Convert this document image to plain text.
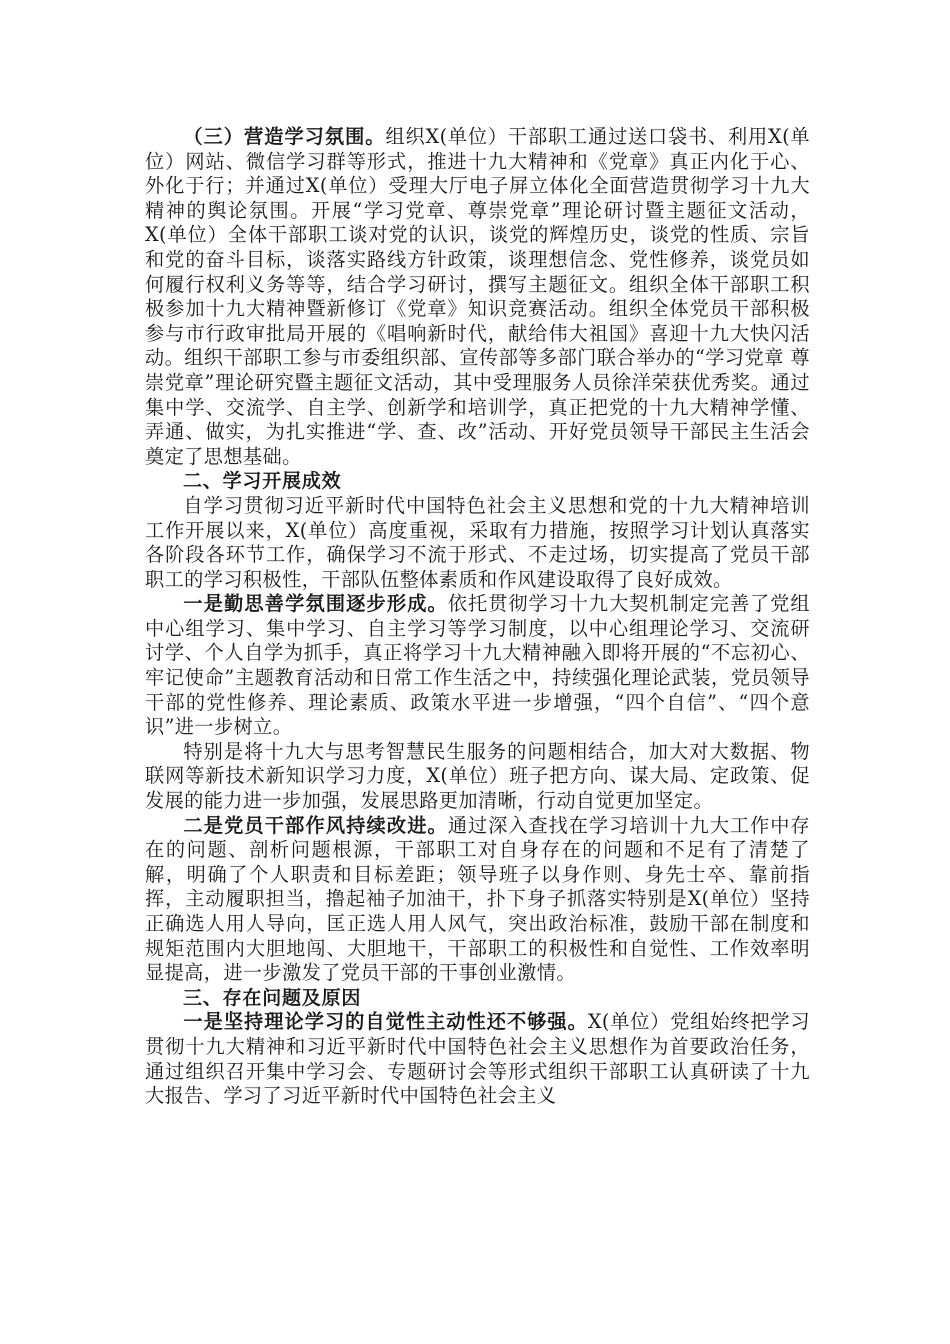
（三）营造学习氛围。组织X(单位）干部职工通过送口袋书、利用X(单位）网站、微信学习群等形式，推进十九大精神和《党章》真正内化于心、外化于行；并通过X(单位）受理大厅电子屏立体化全面营造贯彻学习十九大精神的舆论氛围。开展“学习党章、尊崇党章”理论研讨暨主题征文活动，X(单位）全体干部职工谈对党的认识，谈党的辉煌历史，谈党的性质、宗旨和党的奋斗目标，谈落实路线方针政策，谈理想信念、党性修养，谈党员如何履行权利义务等等，结合学习研讨，撰写主题征文。组织全体干部职工积极参加十九大精神暨新修订《党章》知识竞赛活动。组织全体党员干部积极参与市行政审批局开展的《唱响新时代，献给伟大祖国》喜迎十九大快闪活动。组织干部职工参与市委组织部、宣传部等多部门联合举办的“学习党章 尊崇党章”理论研究暨主题征文活动，其中受理服务人员徐洋荣获优秀奖。通过集中学、交流学、自主学、创新学和培训学，真正把党的十九大精神学懂、弄通、做实，为扎实推进“学、查、改”活动、开好党员领导干部民主生活会奠定了思想基础。

二、学习开展成效

自学习贯彻习近平新时代中国特色社会主义思想和党的十九大精神培训工作开展以来，X(单位）高度重视，采取有力措施，按照学习计划认真落实各阶段各环节工作，确保学习不流于形式、不走过场，切实提高了党员干部职工的学习积极性，干部队伍整体素质和作风建设取得了良好成效。

一是勤思善学氛围逐步形成。依托贯彻学习十九大契机制定完善了党组中心组学习、集中学习、自主学习等学习制度，以中心组理论学习、交流研讨学、个人自学为抓手，真正将学习十九大精神融入即将开展的“不忘初心、牢记使命”主题教育活动和日常工作生活之中，持续强化理论武装，党员领导干部的党性修养、理论素质、政策水平进一步增强，“四个自信”、“四个意识”进一步树立。

特别是将十九大与思考智慧民生服务的问题相结合，加大对大数据、物联网等新技术新知识学习力度，X(单位）班子把方向、谋大局、定政策、促发展的能力进一步加强，发展思路更加清晰，行动自觉更加坚定。

二是党员干部作风持续改进。通过深入查找在学习培训十九大工作中存在的问题、剖析问题根源，干部职工对自身存在的问题和不足有了清楚了解，明确了个人职责和目标差距；领导班子以身作则、身先士卒、靠前指挥，主动履职担当，撸起袖子加油干，扑下身子抓落实特别是X(单位）坚持正确选人用人导向，匡正选人用人风气，突出政治标准，鼓励干部在制度和规矩范围内大胆地闯、大胆地干，干部职工的积极性和自觉性、工作效率明显提高，进一步激发了党员干部的干事创业激情。

三、存在问题及原因

一是坚持理论学习的自觉性主动性还不够强。X(单位）党组始终把学习贯彻十九大精神和习近平新时代中国特色社会主义思想作为首要政治任务，通过组织召开集中学习会、专题研讨会等形式组织干部职工认真研读了十九大报告、学习了习近平新时代中国特色社会主义
